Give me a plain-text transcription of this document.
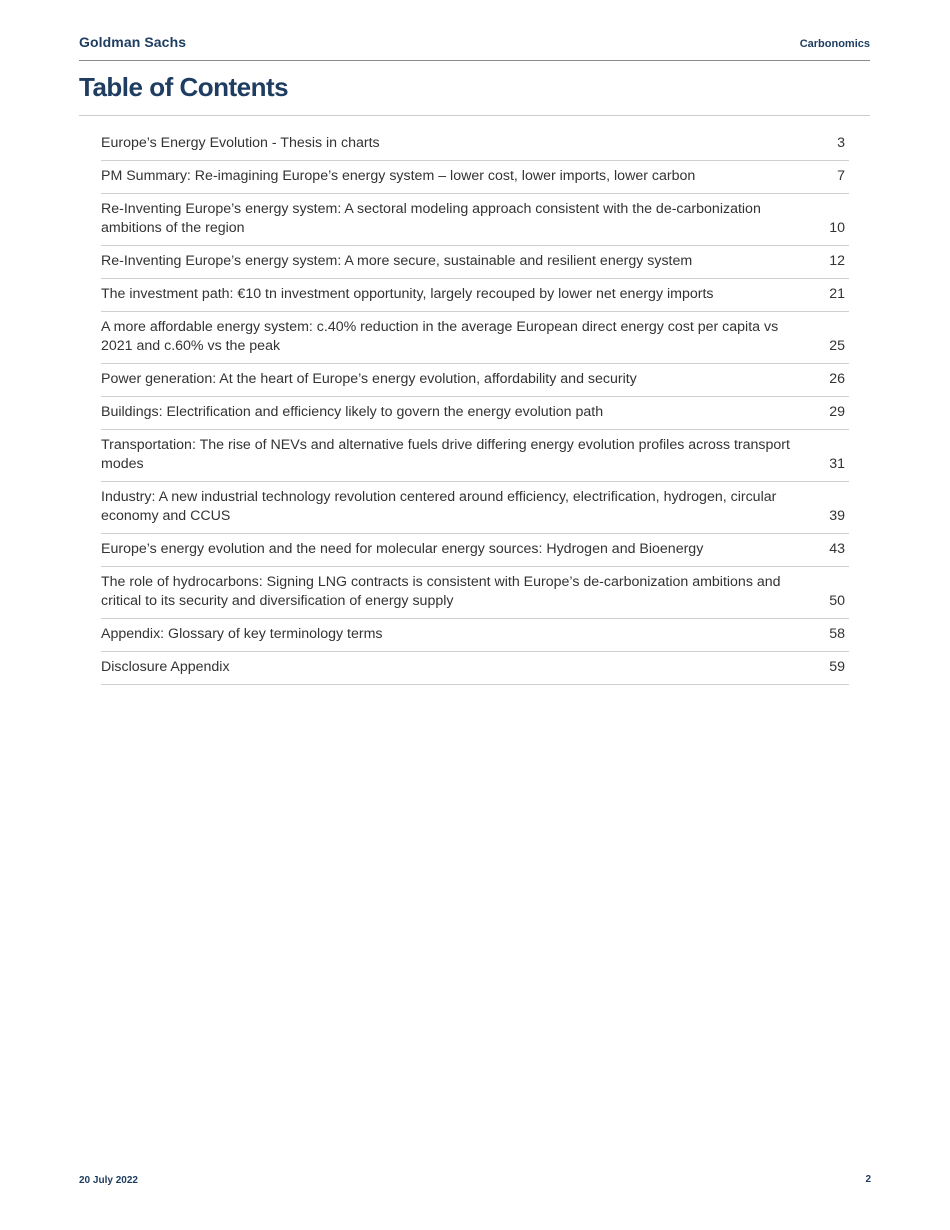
Goldman Sachs	Carbonomics
Table of Contents
Europe’s Energy Evolution - Thesis in charts	3
PM Summary: Re-imagining Europe’s energy system – lower cost, lower imports, lower carbon	7
Re-Inventing Europe’s energy system: A sectoral modeling approach consistent with the de-carbonization ambitions of the region	10
Re-Inventing Europe’s energy system: A more secure, sustainable and resilient energy system	12
The investment path: €10 tn investment opportunity, largely recouped by lower net energy imports	21
A more affordable energy system: c.40% reduction in the average European direct energy cost per capita vs 2021 and c.60% vs the peak	25
Power generation: At the heart of Europe’s energy evolution, affordability and security	26
Buildings: Electrification and efficiency likely to govern the energy evolution path	29
Transportation: The rise of NEVs and alternative fuels drive differing energy evolution profiles across transport modes	31
Industry: A new industrial technology revolution centered around efficiency, electrification, hydrogen, circular economy and CCUS	39
Europe’s energy evolution and the need for molecular energy sources: Hydrogen and Bioenergy	43
The role of hydrocarbons: Signing LNG contracts is consistent with Europe’s de-carbonization ambitions and critical to its security and diversification of energy supply	50
Appendix: Glossary of key terminology terms	58
Disclosure Appendix	59
20 July 2022	2
